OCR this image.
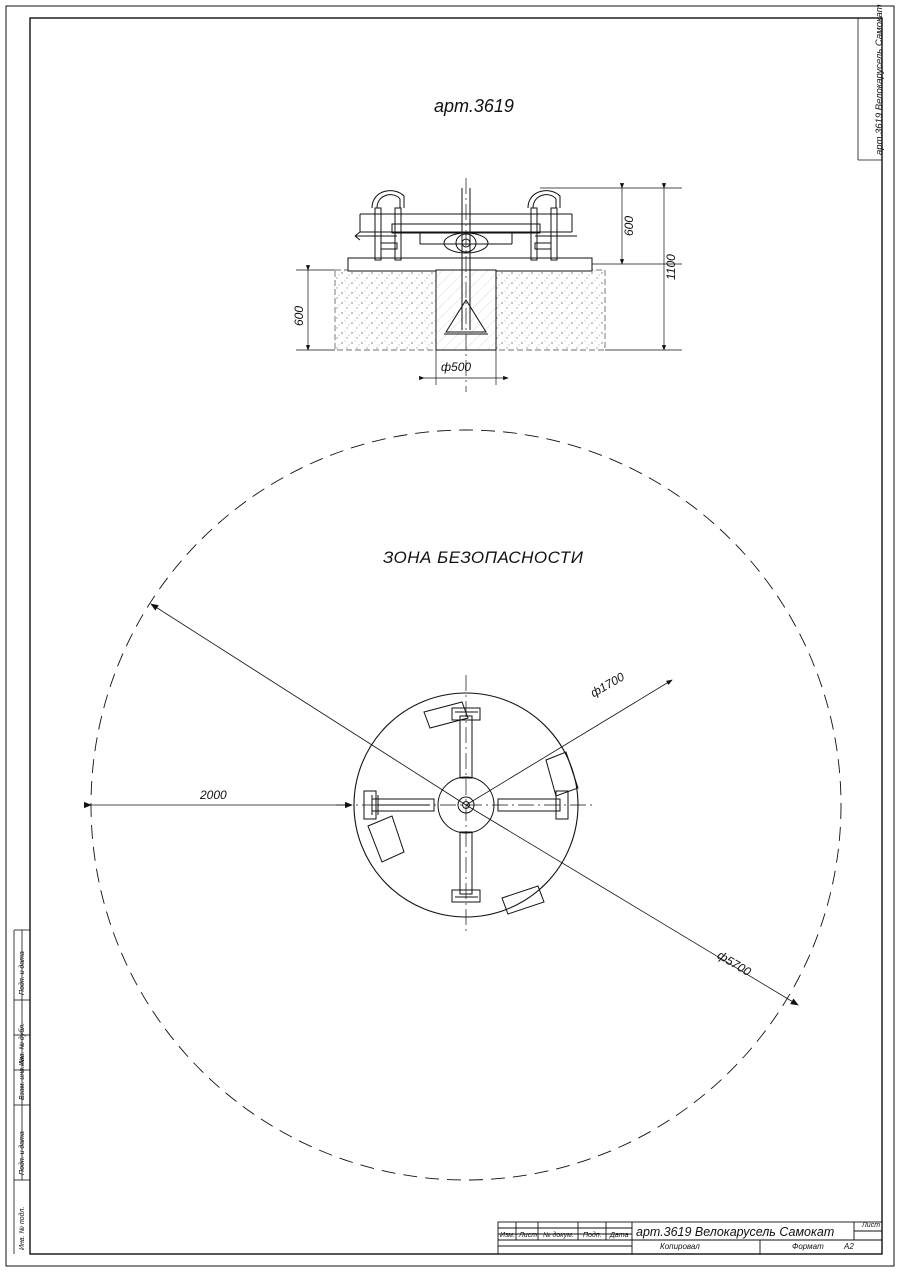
арт.3619
ЗОНА БЕЗОПАСНОСТИ
600
1100
600
ф500
ф1700
ф5700
2000
арт.3619 Велокарусель Самокат
Подп. и дата
Инв. № дубл.
Взам. инв. №
Подп. и дата
Инв. № подл.	Изм. Лист № докум. Подп. Дата арт.3619 Велокарусель Самокат	Лист
Копировал	Формат	А2
